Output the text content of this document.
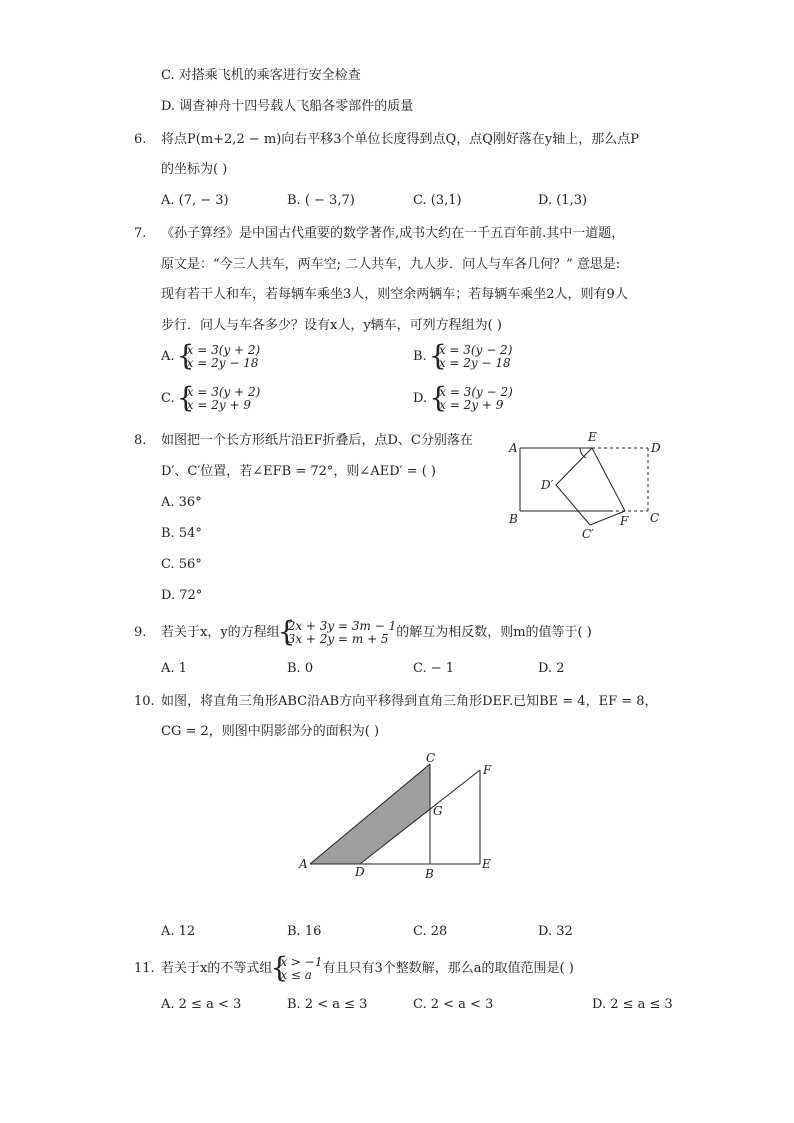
C. 对搭乘飞机的乘客进行安全检查
D. 调查神舟十四号载人飞船各零部件的质量
6. 将点P(m+2,2 − m)向右平移3个单位长度得到点Q，点Q刚好落在y轴上，那么点P
的坐标为( )
A. (7, − 3)	B. ( − 3,7)	C. (3,1)	D. (1,3)
7. 《孙子算经》是中国古代重要的数学著作,成书大约在一千五百年前.其中一道题，
原文是：“今三人共车，两车空; 二人共车，九人步．问人与车各几何？” 意思是:
现有若干人和车，若每辆车乘坐3人，则空余两辆车；若每辆车乘坐2人，则有9人
步行．问人与车各多少？设有x人，y辆车，可列方程组为( )
A. { x = 3(y + 2)
x = 2y − 18	B. { x = 3(y − 2)
x = 2y − 18
C. { x = 3(y + 2)
x = 2y + 9	D. { x = 3(y − 2)
x = 2y + 9
8. 如图把一个长方形纸片沿EF折叠后，点D、C分别落在
D′、C′位置，若∠EFB = 72°，则∠AED′ = ( )
A. 36°
B. 54°
C. 56°
D. 72°
A
B	C
D
E
F
D′
C′
9. 若关于x，y的方程组 { 2x + 3y = 3m − 1
3x + 2y = m + 5 的解互为相反数，则m的值等于( )
A. 1	B. 0	C. − 1	D. 2
10. 如图，将直角三角形ABC沿AB方向平移得到直角三角形DEF.已知BE = 4，EF = 8，
CG = 2，则图中阴影部分的面积为( )
A
B
C
D
E
F
G
A. 12	B. 16	C. 28	D. 32
11. 若关于x的不等式组 { x > −1
x ≤ a 有且只有3个整数解，那么a的取值范围是( )
A. 2 ≤ a < 3	B. 2 < a ≤ 3	C. 2 < a < 3	D. 2 ≤ a ≤ 3
